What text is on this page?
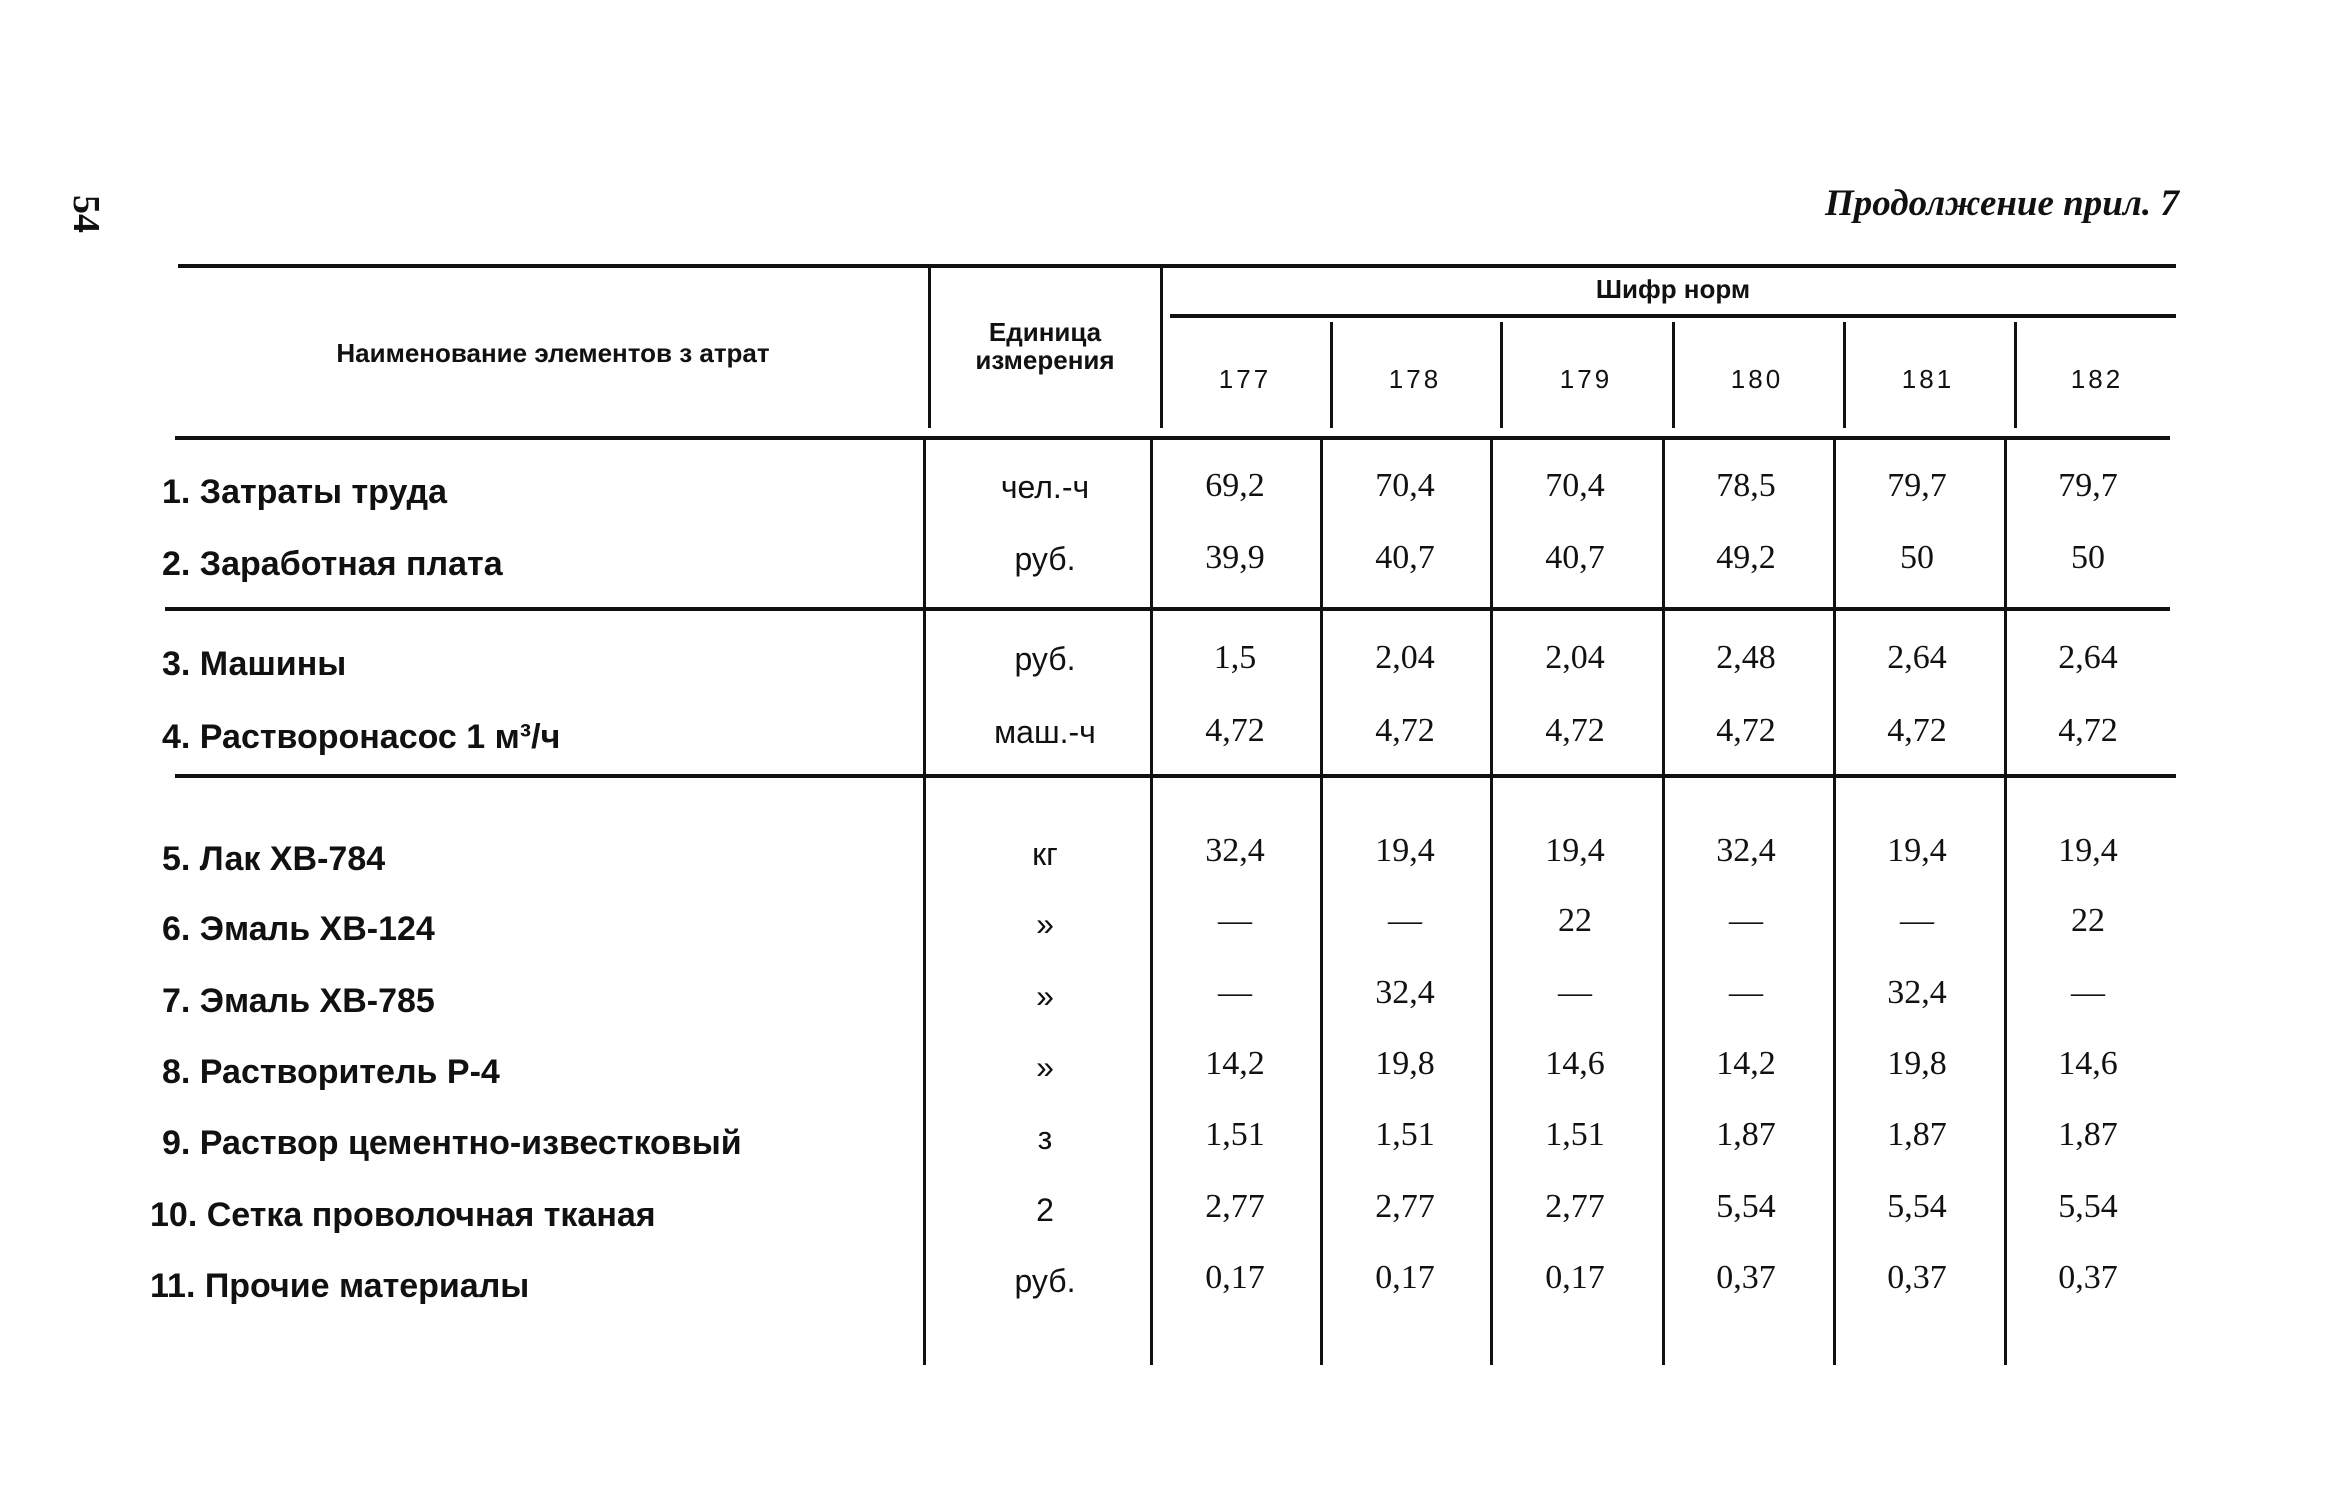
54	Продолжение прил. 7
Наименование элементов з атрат
Единица измерения
Шифр норм
177	178	179	180	181	182
1. Затраты труда	чел.-ч	69,2	70,4	70,4	78,5	79,7	79,7
2. Заработная плата	руб.	39,9	40,7	40,7	49,2	50	50
3. Машины	руб.	1,5	2,04	2,04	2,48	2,64	2,64
4. Растворонасос 1 м³/ч	маш.-ч	4,72	4,72	4,72	4,72	4,72	4,72
5. Лак ХВ-784	кг	32,4	19,4	19,4	32,4	19,4	19,4
6. Эмаль ХВ-124	»	—	—	22	—	—	22
7. Эмаль ХВ-785	»	—	32,4	—	—	32,4	—
8. Растворитель Р-4	»	14,2	19,8	14,6	14,2	19,8	14,6
9. Раствор цементно-известковый	з	1,51	1,51	1,51	1,87	1,87	1,87
10. Сетка проволочная тканая	2	2,77	2,77	2,77	5,54	5,54	5,54
11. Прочие материалы	руб.	0,17	0,17	0,17	0,37	0,37	0,37
